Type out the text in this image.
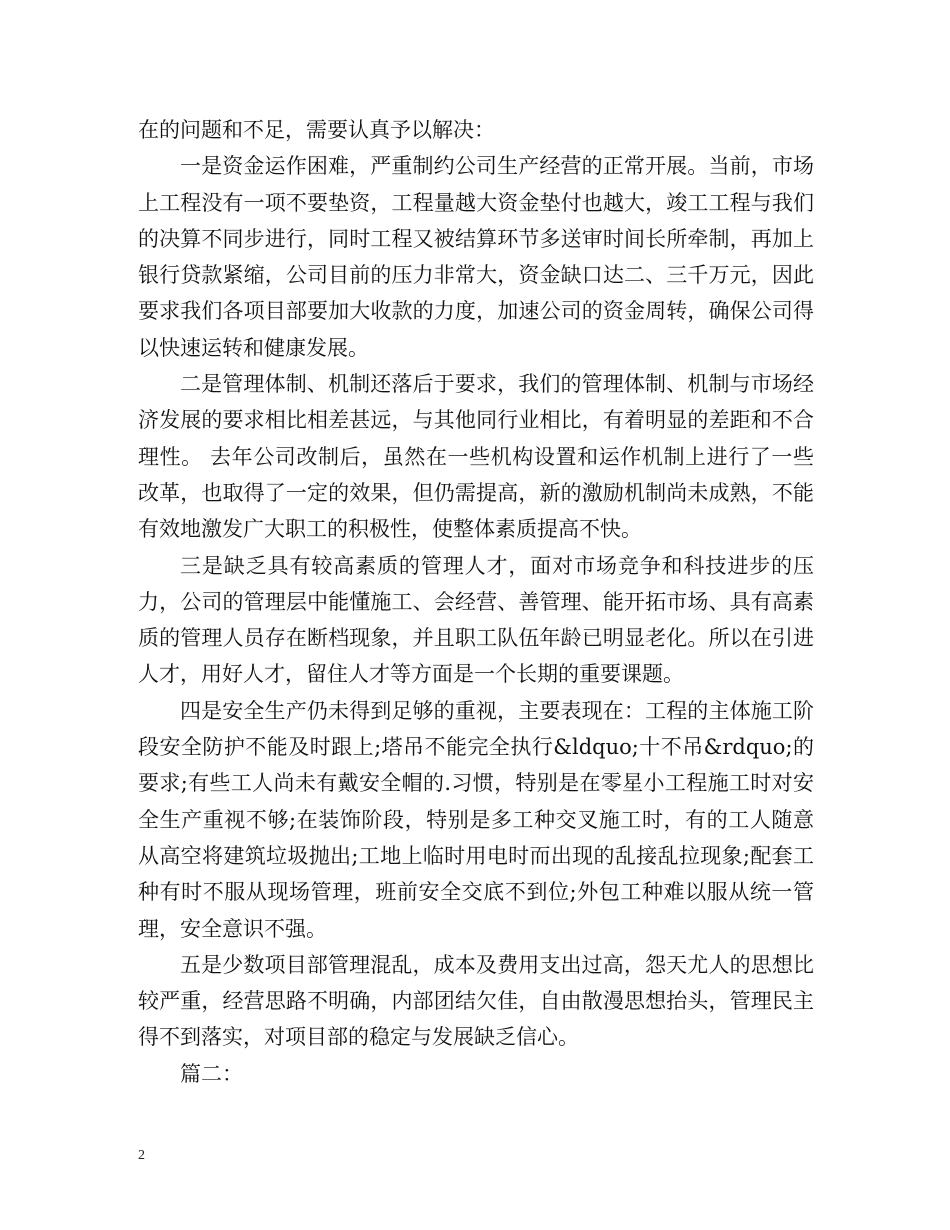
在的问题和不足，需要认真予以解决：

一是资金运作困难，严重制约公司生产经营的正常开展。当前，市场上工程没有一项不要垫资，工程量越大资金垫付也越大，竣工工程与我们的决算不同步进行，同时工程又被结算环节多送审时间长所牵制，再加上银行贷款紧缩，公司目前的压力非常大，资金缺口达二、三千万元，因此要求我们各项目部要加大收款的力度，加速公司的资金周转，确保公司得以快速运转和健康发展。

二是管理体制、机制还落后于要求，我们的管理体制、机制与市场经济发展的要求相比相差甚远，与其他同行业相比，有着明显的差距和不合理性。 去年公司改制后，虽然在一些机构设置和运作机制上进行了一些改革，也取得了一定的效果，但仍需提高，新的激励机制尚未成熟，不能有效地激发广大职工的积极性，使整体素质提高不快。

三是缺乏具有较高素质的管理人才，面对市场竞争和科技进步的压力，公司的管理层中能懂施工、会经营、善管理、能开拓市场、具有高素质的管理人员存在断档现象，并且职工队伍年龄已明显老化。所以在引进人才，用好人才，留住人才等方面是一个长期的重要课题。

四是安全生产仍未得到足够的重视，主要表现在：工程的主体施工阶段安全防护不能及时跟上;塔吊不能完全执行&ldquo;十不吊&rdquo;的要求;有些工人尚未有戴安全帽的.习惯，特别是在零星小工程施工时对安全生产重视不够;在装饰阶段，特别是多工种交叉施工时，有的工人随意从高空将建筑垃圾抛出;工地上临时用电时而出现的乱接乱拉现象;配套工种有时不服从现场管理，班前安全交底不到位;外包工种难以服从统一管理，安全意识不强。

五是少数项目部管理混乱，成本及费用支出过高，怨天尤人的思想比较严重，经营思路不明确，内部团结欠佳，自由散漫思想抬头，管理民主得不到落实，对项目部的稳定与发展缺乏信心。

篇二：

2
